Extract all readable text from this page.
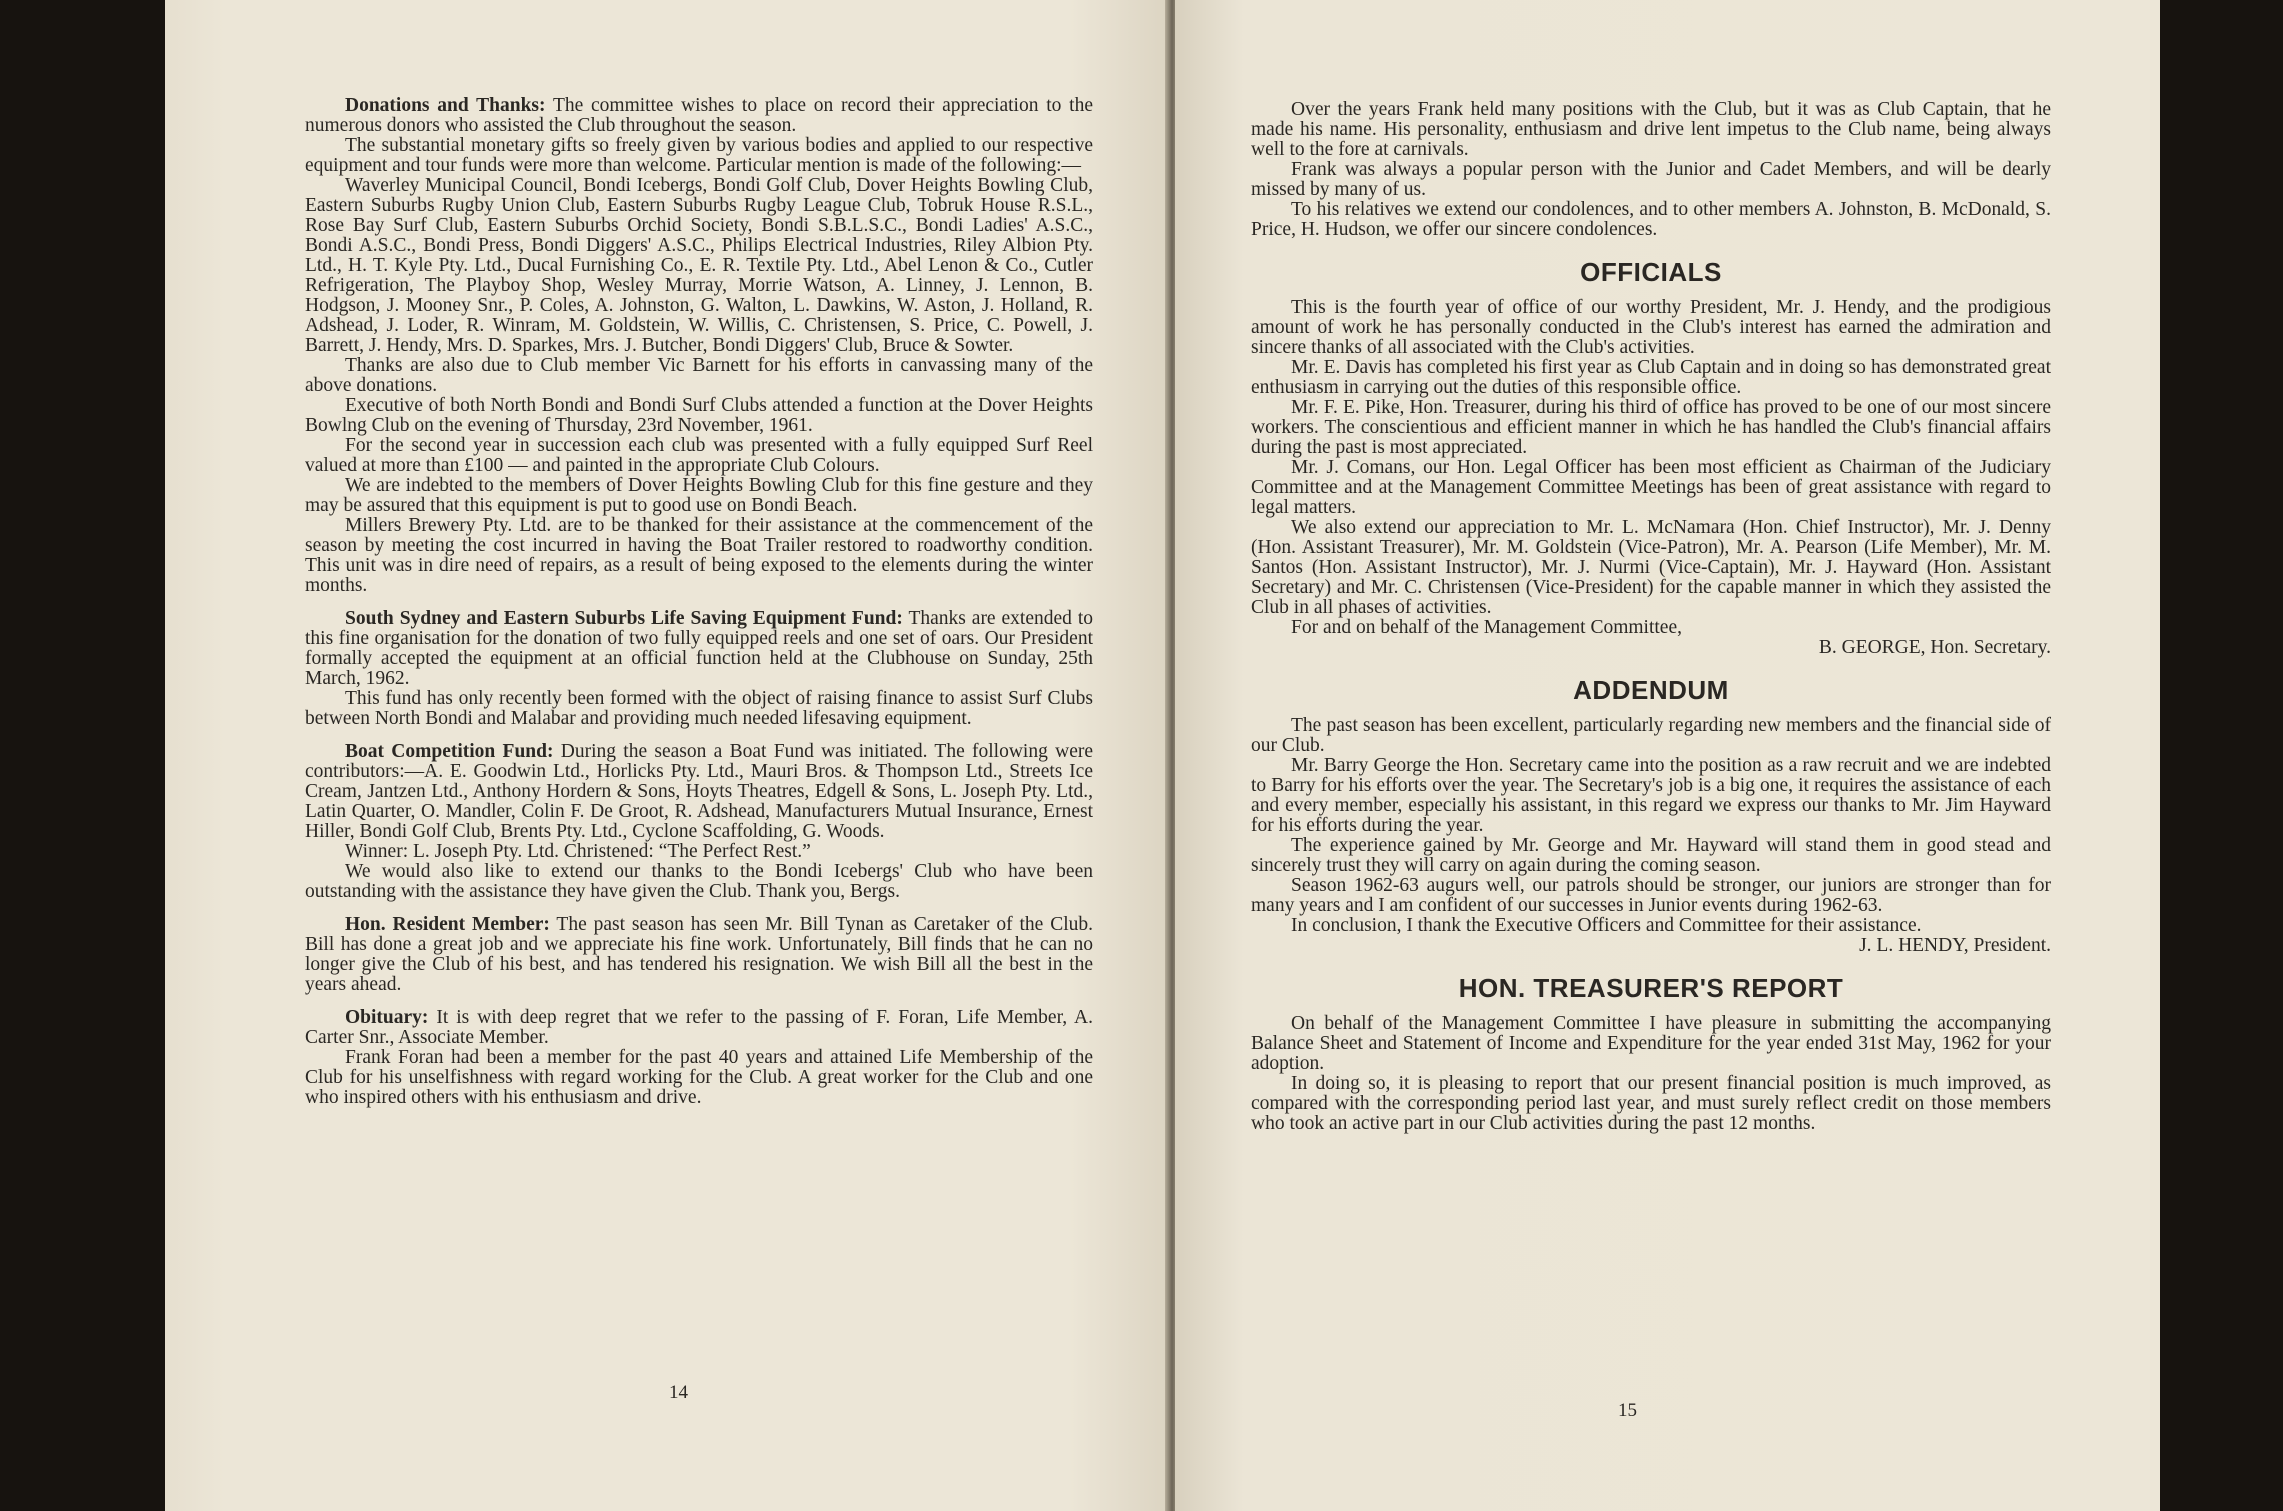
Donations and Thanks: The committee wishes to place on record their appreciation to the numerous donors who assisted the Club throughout the season.

The substantial monetary gifts so freely given by various bodies and applied to our respective equipment and tour funds were more than welcome. Particular mention is made of the following:—

Waverley Municipal Council, Bondi Icebergs, Bondi Golf Club, Dover Heights Bowling Club, Eastern Suburbs Rugby Union Club, Eastern Suburbs Rugby League Club, Tobruk House R.S.L., Rose Bay Surf Club, Eastern Suburbs Orchid Society, Bondi S.B.L.S.C., Bondi Ladies' A.S.C., Bondi A.S.C., Bondi Press, Bondi Diggers' A.S.C., Philips Electrical Industries, Riley Albion Pty. Ltd., H. T. Kyle Pty. Ltd., Ducal Furnishing Co., E. R. Textile Pty. Ltd., Abel Lenon & Co., Cutler Refrigeration, The Playboy Shop, Wesley Murray, Morrie Watson, A. Linney, J. Lennon, B. Hodgson, J. Mooney Snr., P. Coles, A. Johnston, G. Walton, L. Dawkins, W. Aston, J. Holland, R. Adshead, J. Loder, R. Winram, M. Goldstein, W. Willis, C. Christensen, S. Price, C. Powell, J. Barrett, J. Hendy, Mrs. D. Sparkes, Mrs. J. Butcher, Bondi Diggers' Club, Bruce & Sowter.

Thanks are also due to Club member Vic Barnett for his efforts in canvassing many of the above donations.

Executive of both North Bondi and Bondi Surf Clubs attended a function at the Dover Heights Bowlng Club on the evening of Thursday, 23rd November, 1961.

For the second year in succession each club was presented with a fully equipped Surf Reel valued at more than £100 — and painted in the appropriate Club Colours.

We are indebted to the members of Dover Heights Bowling Club for this fine gesture and they may be assured that this equipment is put to good use on Bondi Beach.

Millers Brewery Pty. Ltd. are to be thanked for their assistance at the commencement of the season by meeting the cost incurred in having the Boat Trailer restored to roadworthy condition. This unit was in dire need of repairs, as a result of being exposed to the elements during the winter months.

South Sydney and Eastern Suburbs Life Saving Equipment Fund: Thanks are extended to this fine organisation for the donation of two fully equipped reels and one set of oars. Our President formally accepted the equipment at an official function held at the Clubhouse on Sunday, 25th March, 1962.

This fund has only recently been formed with the object of raising finance to assist Surf Clubs between North Bondi and Malabar and providing much needed lifesaving equipment.

Boat Competition Fund: During the season a Boat Fund was initiated. The following were contributors:—A. E. Goodwin Ltd., Horlicks Pty. Ltd., Mauri Bros. & Thompson Ltd., Streets Ice Cream, Jantzen Ltd., Anthony Hordern & Sons, Hoyts Theatres, Edgell & Sons, L. Joseph Pty. Ltd., Latin Quarter, O. Mandler, Colin F. De Groot, R. Adshead, Manufacturers Mutual Insurance, Ernest Hiller, Bondi Golf Club, Brents Pty. Ltd., Cyclone Scaffolding, G. Woods.

Winner: L. Joseph Pty. Ltd. Christened: “The Perfect Rest.”

We would also like to extend our thanks to the Bondi Icebergs' Club who have been outstanding with the assistance they have given the Club. Thank you, Bergs.

Hon. Resident Member: The past season has seen Mr. Bill Tynan as Caretaker of the Club. Bill has done a great job and we appreciate his fine work. Unfortunately, Bill finds that he can no longer give the Club of his best, and has tendered his resignation. We wish Bill all the best in the years ahead.

Obituary: It is with deep regret that we refer to the passing of F. Foran, Life Member, A. Carter Snr., Associate Member.

Frank Foran had been a member for the past 40 years and attained Life Membership of the Club for his unselfishness with regard working for the Club. A great worker for the Club and one who inspired others with his enthusiasm and drive.

14

Over the years Frank held many positions with the Club, but it was as Club Captain, that he made his name. His personality, enthusiasm and drive lent impetus to the Club name, being always well to the fore at carnivals.

Frank was always a popular person with the Junior and Cadet Members, and will be dearly missed by many of us.

To his relatives we extend our condolences, and to other members A. Johnston, B. McDonald, S. Price, H. Hudson, we offer our sincere condolences.

OFFICIALS

This is the fourth year of office of our worthy President, Mr. J. Hendy, and the prodigious amount of work he has personally conducted in the Club's interest has earned the admiration and sincere thanks of all associated with the Club's activities.

Mr. E. Davis has completed his first year as Club Captain and in doing so has demonstrated great enthusiasm in carrying out the duties of this responsible office.

Mr. F. E. Pike, Hon. Treasurer, during his third of office has proved to be one of our most sincere workers. The conscientious and efficient manner in which he has handled the Club's financial affairs during the past is most appreciated.

Mr. J. Comans, our Hon. Legal Officer has been most efficient as Chairman of the Judiciary Committee and at the Management Committee Meetings has been of great assistance with regard to legal matters.

We also extend our appreciation to Mr. L. McNamara (Hon. Chief Instructor), Mr. J. Denny (Hon. Assistant Treasurer), Mr. M. Goldstein (Vice-Patron), Mr. A. Pearson (Life Member), Mr. M. Santos (Hon. Assistant Instructor), Mr. J. Nurmi (Vice-Captain), Mr. J. Hayward (Hon. Assistant Secretary) and Mr. C. Christensen (Vice-President) for the capable manner in which they assisted the Club in all phases of activities.

For and on behalf of the Management Committee,

B. GEORGE, Hon. Secretary.

ADDENDUM

The past season has been excellent, particularly regarding new members and the financial side of our Club.

Mr. Barry George the Hon. Secretary came into the position as a raw recruit and we are indebted to Barry for his efforts over the year. The Secretary's job is a big one, it requires the assistance of each and every member, especially his assistant, in this regard we express our thanks to Mr. Jim Hayward for his efforts during the year.

The experience gained by Mr. George and Mr. Hayward will stand them in good stead and sincerely trust they will carry on again during the coming season.

Season 1962-63 augurs well, our patrols should be stronger, our juniors are stronger than for many years and I am confident of our successes in Junior events during 1962-63.

In conclusion, I thank the Executive Officers and Committee for their assistance.

J. L. HENDY, President.

HON. TREASURER'S REPORT

On behalf of the Management Committee I have pleasure in submitting the accompanying Balance Sheet and Statement of Income and Expenditure for the year ended 31st May, 1962 for your adoption.

In doing so, it is pleasing to report that our present financial position is much improved, as compared with the corresponding period last year, and must surely reflect credit on those members who took an active part in our Club activities during the past 12 months.

15
